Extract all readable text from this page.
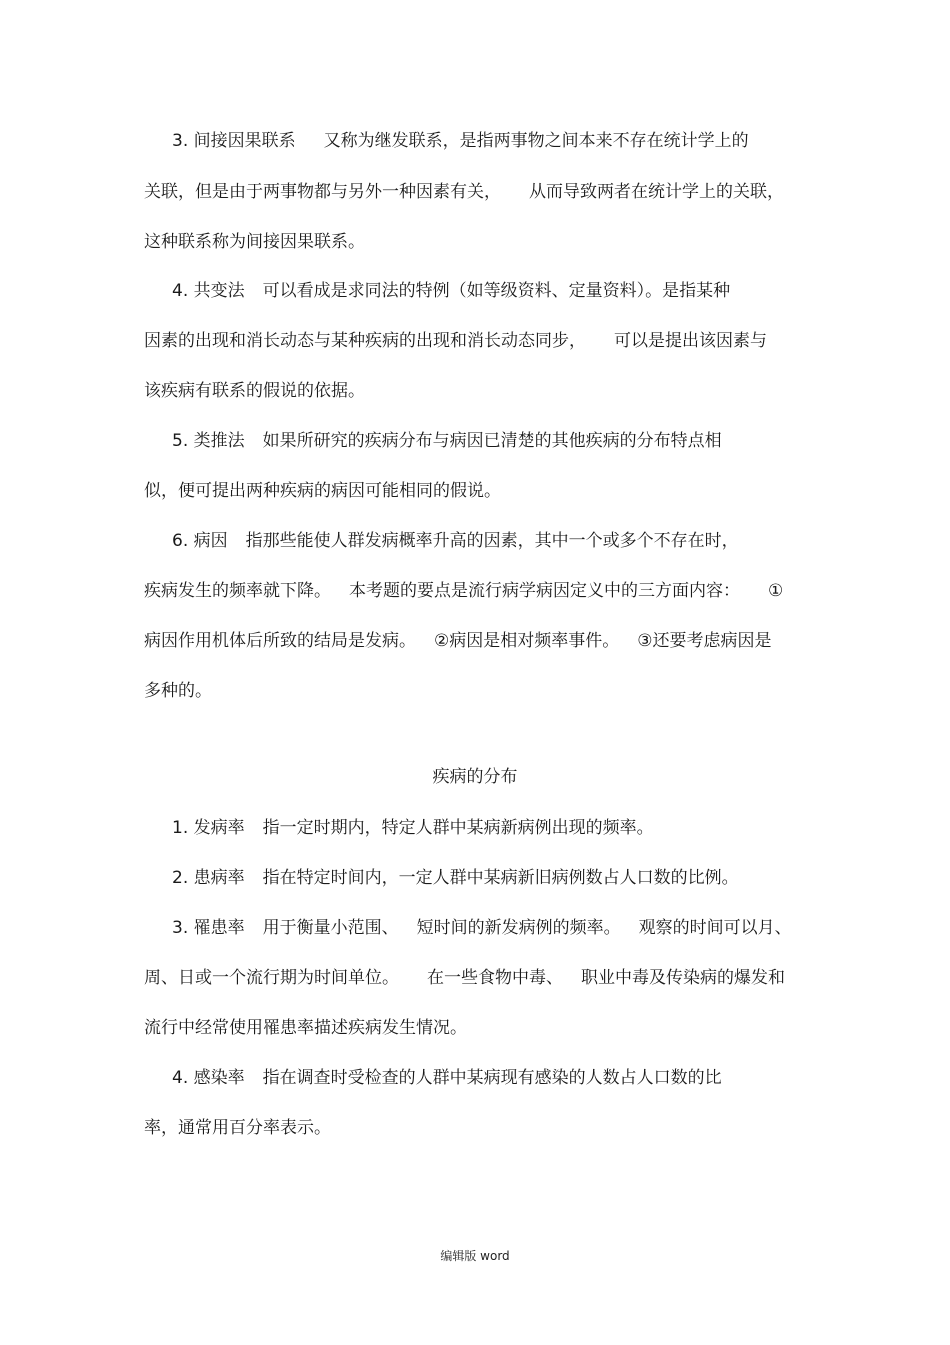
3. 间接因果联系 又称为继发联系，是指两事物之间本来不存在统计学上的
关联，但是由于两事物都与另外一种因素有关， 从而导致两者在统计学上的关联，
这种联系称为间接因果联系。
4. 共变法 可以看成是求同法的特例（如等级资料、定量资料）。是指某种
因素的出现和消长动态与某种疾病的出现和消长动态同步， 可以是提出该因素与
该疾病有联系的假说的依据。
5. 类推法 如果所研究的疾病分布与病因已清楚的其他疾病的分布特点相
似，便可提出两种疾病的病因可能相同的假说。
6. 病因 指那些能使人群发病概率升高的因素，其中一个或多个不存在时，
疾病发生的频率就下降。 本考题的要点是流行病学病因定义中的三方面内容： ①
病因作用机体后所致的结局是发病。 ②病因是相对频率事件。 ③还要考虑病因是
多种的。
疾病的分布
1. 发病率 指一定时期内，特定人群中某病新病例出现的频率。
2. 患病率 指在特定时间内，一定人群中某病新旧病例数占人口数的比例。
3. 罹患率 用于衡量小范围、 短时间的新发病例的频率。 观察的时间可以月、
周、日或一个流行期为时间单位。 在一些食物中毒、 职业中毒及传染病的爆发和
流行中经常使用罹患率描述疾病发生情况。
4. 感染率 指在调查时受检查的人群中某病现有感染的人数占人口数的比
率，通常用百分率表示。
编辑版 word
